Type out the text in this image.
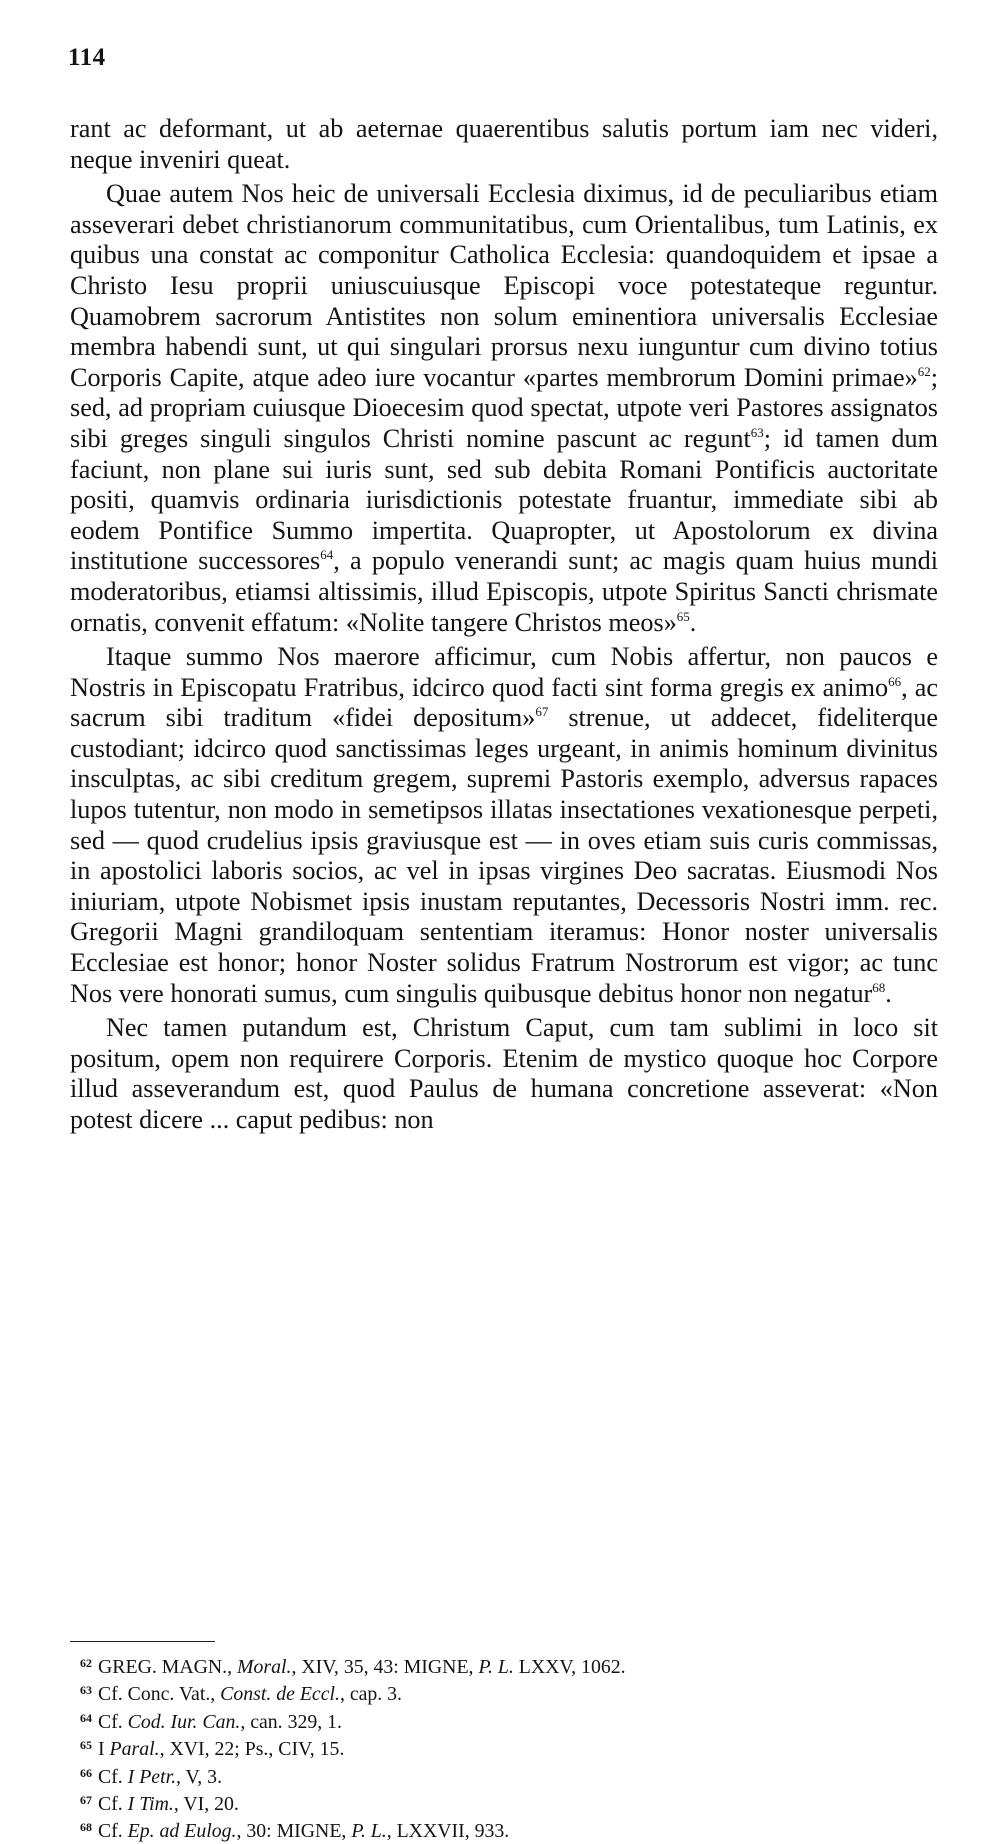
114

rant ac deformant, ut ab aeternae quaerentibus salutis portum iam nec videri, neque inveniri queat.

Quae autem Nos heic de universali Ecclesia diximus, id de peculiaribus etiam asseverari debet christianorum communitatibus, cum Orientalibus, tum Latinis, ex quibus una constat ac componitur Catholica Ecclesia: quandoquidem et ipsae a Christo Iesu proprii uniuscuiusque Episcopi voce potestateque reguntur. Quamobrem sacrorum Antistites non solum eminentiora universalis Ecclesiae membra habendi sunt, ut qui singulari prorsus nexu iunguntur cum divino totius Corporis Capite, atque adeo iure vocantur «partes membrorum Domini primae»$^{62}$; sed, ad propriam cuiusque Dioecesim quod spectat, utpote veri Pastores assignatos sibi greges singuli singulos Christi nomine pascunt ac regunt$^{63}$; id tamen dum faciunt, non plane sui iuris sunt, sed sub debita Romani Pontificis auctoritate positi, quamvis ordinaria iurisdictionis potestate fruantur, immediate sibi ab eodem Pontifice Summo impertita. Quapropter, ut Apostolorum ex divina institutione successores$^{64}$, a populo venerandi sunt; ac magis quam huius mundi moderatoribus, etiamsi altissimis, illud Episcopis, utpote Spiritus Sancti chrismate ornatis, convenit effatum: «Nolite tangere Christos meos»$^{65}$.

Itaque summo Nos maerore afficimur, cum Nobis affertur, non paucos e Nostris in Episcopatu Fratribus, idcirco quod facti sint forma gregis ex animo$^{66}$, ac sacrum sibi traditum «fidei depositum»$^{67}$ strenue, ut addecet, fideliterque custodiant; idcirco quod sanctissimas leges urgeant, in animis hominum divinitus insculptas, ac sibi creditum gregem, supremi Pastoris exemplo, adversus rapaces lupos tutentur, non modo in semetipsos illatas insectationes vexationesque perpeti, sed — quod crudelius ipsis graviusque est — in oves etiam suis curis commissas, in apostolici laboris socios, ac vel in ipsas virgines Deo sacratas. Eiusmodi Nos iniuriam, utpote Nobismet ipsis inustam reputantes, Decessoris Nostri imm. rec. Gregorii Magni grandiloquam sententiam iteramus: Honor noster universalis Ecclesiae est honor; honor Noster solidus Fratrum Nostrorum est vigor; ac tunc Nos vere honorati sumus, cum singulis quibusque debitus honor non negatur$^{68}$.

Nec tamen putandum est, Christum Caput, cum tam sublimi in loco sit positum, opem non requirere Corporis. Etenim de mystico quoque hoc Corpore illud asseverandum est, quod Paulus de humana concretione asseverat: «Non potest dicere ... caput pedibus: non

$^{62}$ GREG. MAGN., Moral., XIV, 35, 43: MIGNE, P. L. LXXV, 1062.
$^{63}$ Cf. Conc. Vat., Const. de Eccl., cap. 3.
$^{64}$ Cf. Cod. Iur. Can., can. 329, 1.
$^{65}$ I Paral., XVI, 22; Ps., CIV, 15.
$^{66}$ Cf. I Petr., V, 3.
$^{67}$ Cf. I Tim., VI, 20.
$^{68}$ Cf. Ep. ad Eulog., 30: MIGNE, P. L., LXXVII, 933.
